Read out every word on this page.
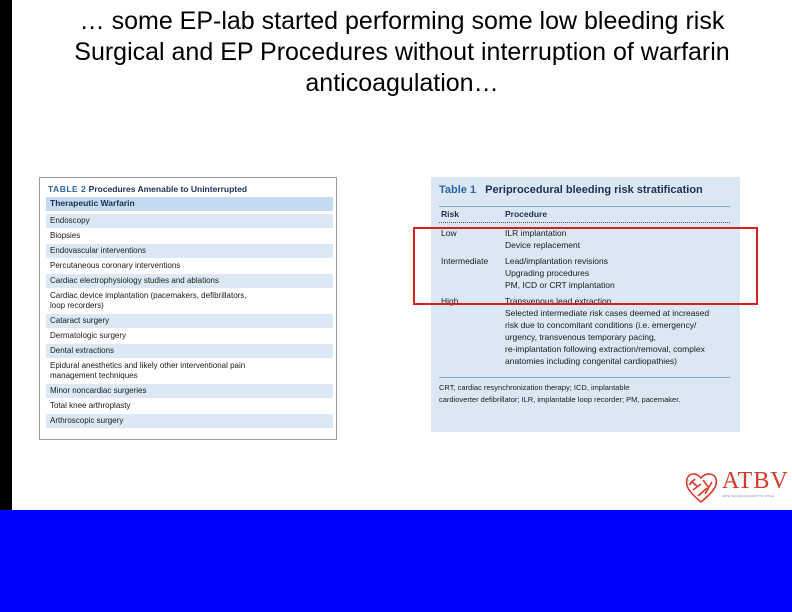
… some EP-lab started performing some low bleeding risk
Surgical and EP Procedures without interruption of warfarin
anticoagulation…
TABLE 2 Procedures Amenable to Uninterrupted
Therapeutic Warfarin
Endoscopy
Biopsies
Endovascular interventions
Percutaneous coronary interventions
Cardiac electrophysiology studies and ablations
Cardiac device implantation (pacemakers, defibrillators,
loop recorders)
Cataract surgery
Dermatologic surgery
Dental extractions
Epidural anesthetics and likely other interventional pain
management techniques
Minor noncardiac surgeries
Total knee arthroplasty
Arthroscopic surgery
Table 1 Periprocedural bleeding risk stratification
Risk	Procedure
Low	ILR implantation
Device replacement
Intermediate	Lead/implantation revisions
Upgrading procedures
PM, ICD or CRT implantation
High	Transvenous lead extraction
Selected intermediate risk cases deemed at increased
risk due to concomitant conditions (i.e. emergency/
urgency, transvenous temporary pacing,
re-implantation following extraction/removal, complex
anatomies including congenital cardiopathies)
CRT, cardiac resynchronization therapy; ICD, implantable
cardioverter defibrillator; ILR, implantable loop recorder; PM, pacemaker.
ATBV
ARTE TECNOLOGIA BATTITO VITALE
